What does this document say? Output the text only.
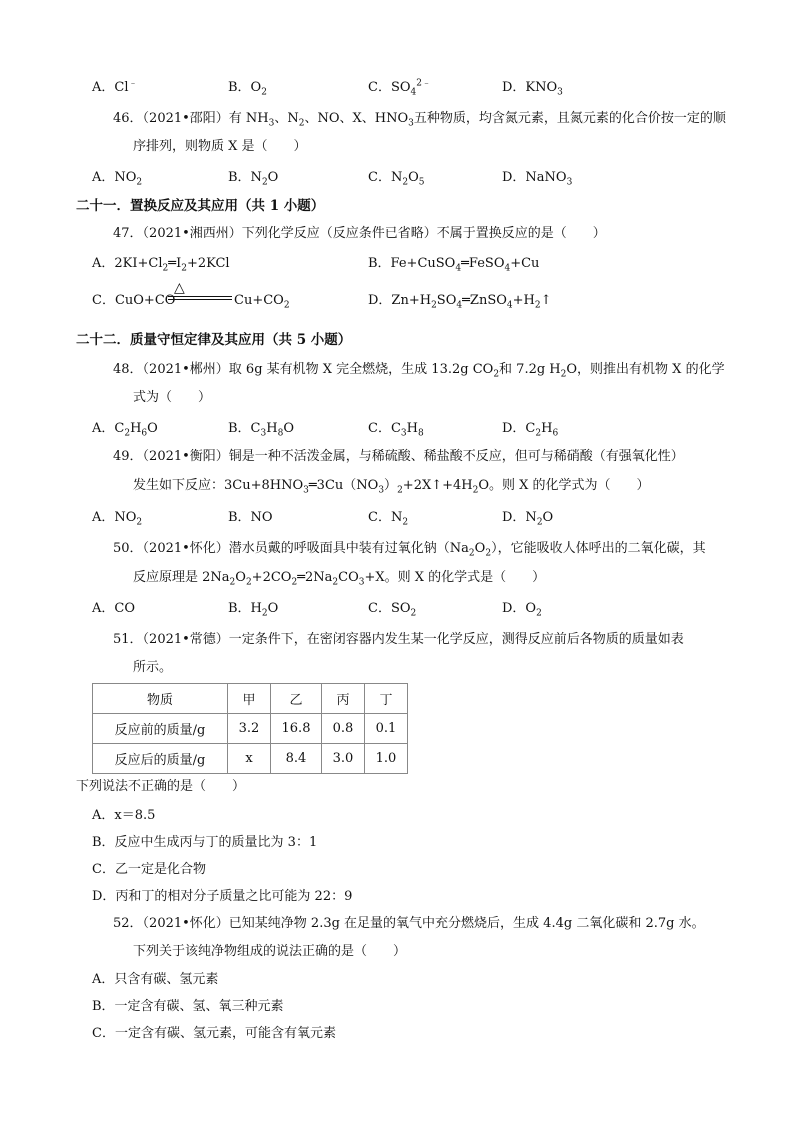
A．Cl﹣	B．$O_2$	C．$SO_4^{2﹣}$	D．$KNO_3$
46．（2021•邵阳）有 $NH_3$、$N_2$、NO、X、$HNO_3$五种物质，均含氮元素，且氮元素的化合价按一定的顺
序排列，则物质 X 是（　　）
A．$NO_2$	B．$N_2O$	C．$N_2O_5$	D．NaNO$_3$
二十一．置换反应及其应用（共 1 小题）
47．（2021•湘西州）下列化学反应（反应条件已省略）不属于置换反应的是（　　）
A．$2KI+Cl_2═I_2+2KCl$	B．Fe+CuSO$_4$═FeSO$_4$+Cu
C．CuO+CO
△
$Cu+CO_2$	D．$Zn+H_2SO_4═ZnSO_4+H_2↑$
二十二．质量守恒定律及其应用（共 5 小题）
48．（2021•郴州）取 6g 某有机物 X 完全燃烧，生成 13.2g $CO_2$和 7.2g $H_2O$，则推出有机物 X 的化学
式为（　　）
A．$C_2H_6O$	B．$C_3H_8O$	C．$C_3H_8$	D．$C_2H_6$
49．（2021•衡阳）铜是一种不活泼金属，与稀硫酸、稀盐酸不反应，但可与稀硝酸（有强氧化性）
发生如下反应：$3Cu+8HNO_3═3Cu(NO_3)_2+2X↑+4H_2O$。则 X 的化学式为（　　）
A．$NO_2$	B．NO	C．$N_2$	D．$N_2O$
50．（2021•怀化）潜水员戴的呼吸面具中装有过氧化钠$(Na_2O_2)$，它能吸收人体呼出的二氧化碳，其
反应原理是 $2Na_2O_2+2CO_2═2Na_2CO_3+X$。则 X 的化学式是（　　）
A．CO	B．$H_2O$	C．$SO_2$	D．$O_2$
51．（2021•常德）一定条件下，在密闭容器内发生某一化学反应，测得反应前后各物质的质量如表
所示。
物质	甲	乙	丙	丁
反应前的质量/g	3.2	16.8	0.8	0.1
反应后的质量/g	x	8.4	3.0	1.0
下列说法不正确的是（　　）
A．x＝8.5
B．反应中生成丙与丁的质量比为 3：1
C．乙一定是化合物
D．丙和丁的相对分子质量之比可能为 22：9
52．（2021•怀化）已知某纯净物 2.3g 在足量的氧气中充分燃烧后，生成 4.4g 二氧化碳和 2.7g 水。
下列关于该纯净物组成的说法正确的是（　　）
A．只含有碳、氢元素
B．一定含有碳、氢、氧三种元素
C．一定含有碳、氢元素，可能含有氧元素
